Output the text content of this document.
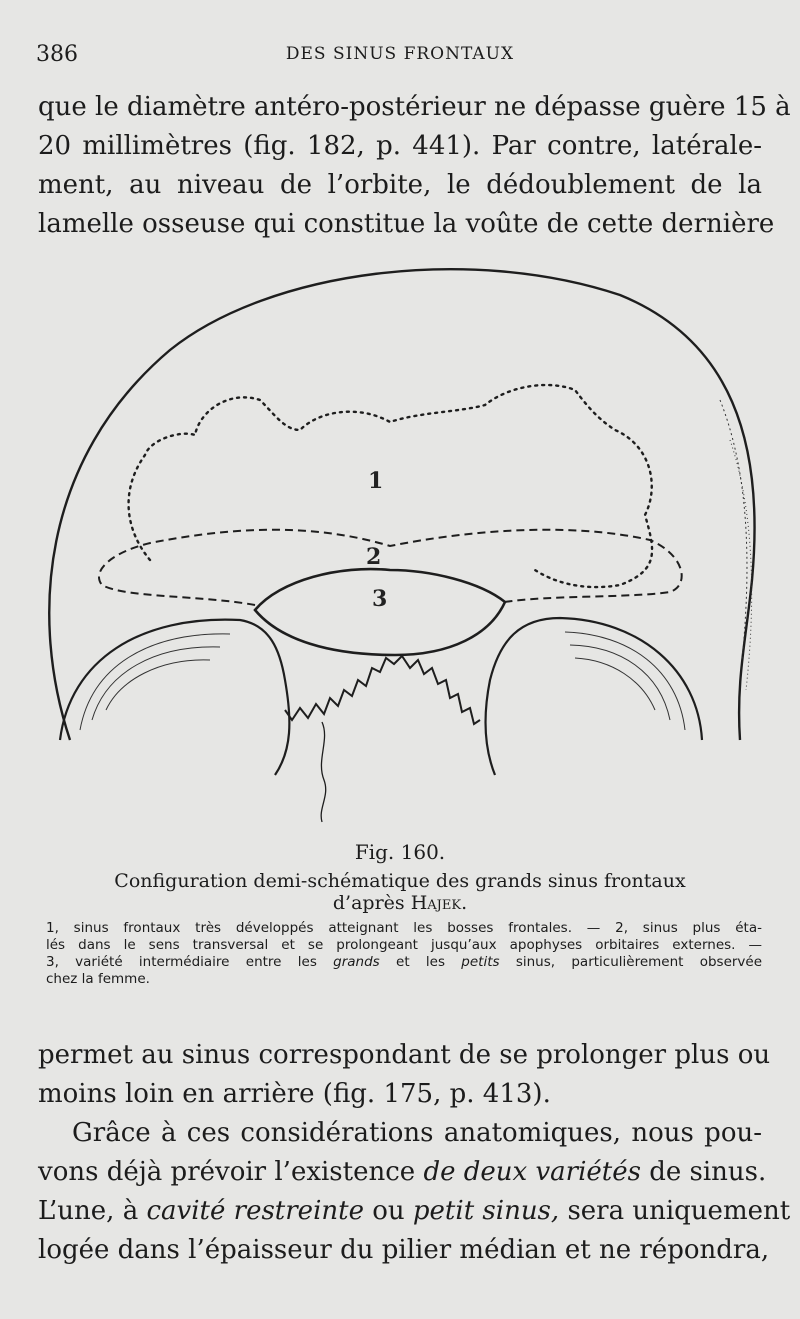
386	DES SINUS FRONTAUX
que le diamètre antéro-postérieur ne dépasse guère 15 à
20 millimètres (fig. 182, p. 441). Par contre, latérale-
ment, au niveau de l’orbite, le dédoublement de la
lamelle osseuse qui constitue la voûte de cette dernière
1
2
3
Fig. 160.
Configuration demi-schématique des grands sinus frontaux
d’après Hajek.
1, sinus frontaux très développés atteignant les bosses frontales. — 2, sinus plus éta-
lés dans le sens transversal et se prolongeant jusqu’aux apophyses orbitaires externes. —
3, variété intermédiaire entre les grands et les petits sinus, particulièrement observée
chez la femme.
permet au sinus correspondant de se prolonger plus ou
moins loin en arrière (fig. 175, p. 413).
Grâce à ces considérations anatomiques, nous pou-
vons déjà prévoir l’existence de deux variétés de sinus.
L’une, à cavité restreinte ou petit sinus, sera uniquement
logée dans l’épaisseur du pilier médian et ne répondra,
